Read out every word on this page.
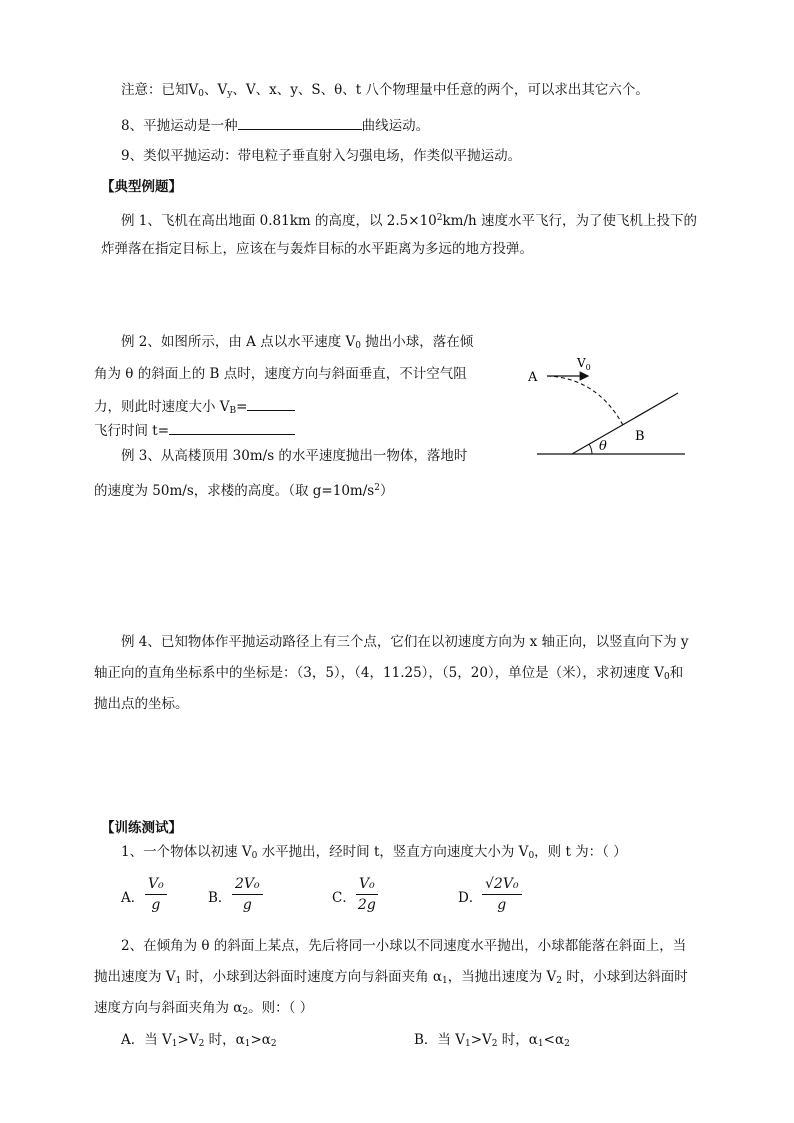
注意：已知$V_0$、$V_y$、V、x、y、S、θ、t 八个物理量中任意的两个，可以求出其它六个。
8、平抛运动是一种	曲线运动。
9、类似平抛运动：带电粒子垂直射入匀强电场，作类似平抛运动。
【典型例题】
例 1、飞机在高出地面 0.81km 的高度，以 $2.5\times 10^2km/h$ 速度水平飞行，为了使飞机上投下的
炸弹落在指定目标上，应该在与轰炸目标的水平距离为多远的地方投弹。
例 2、如图所示，由 A 点以水平速度 $V_0$ 抛出小球，落在倾
角为 θ 的斜面上的 B 点时，速度方向与斜面垂直，不计空气阻
力，则此时速度大小 $V_B=$
飞行时间 t=
例 3、从高楼顶用 30m/s 的水平速度抛出一物体，落地时
的速度为 50m/s，求楼的高度。（取 $g=10m/s^2$）
A
$V_0$
B
θ
例 4、已知物体作平抛运动路径上有三个点，它们在以初速度方向为 x 轴正向，以竖直向下为 y
轴正向的直角坐标系中的坐标是：（3，5），（4，11.25），（5，20），单位是（米），求初速度 $V_0$和
抛出点的坐标。
【训练测试】
1、一个物体以初速 $V_0$ 水平抛出，经时间 t，竖直方向速度大小为 $V_0$，则 t 为：（ ）
A． $\frac{\text{V₀}}{g}$	B． $\frac{\text{2V₀}}{g}$	C． $\frac{\text{V₀}}{2g}$	D． $\frac{\text{√2V₀}}{g}$
2、在倾角为 θ 的斜面上某点，先后将同一小球以不同速度水平抛出，小球都能落在斜面上，当
抛出速度为 $V_1$ 时，小球到达斜面时速度方向与斜面夹角 $\alpha_1$，当抛出速度为 $V_2$ 时，小球到达斜面时
速度方向与斜面夹角为 $\alpha_2$。则：（ ）
A．当 $V_1>V_2$ 时，$\alpha_1>\alpha_2$	B．当 $V_1>V_2$ 时，$\alpha_1<\alpha_2$
